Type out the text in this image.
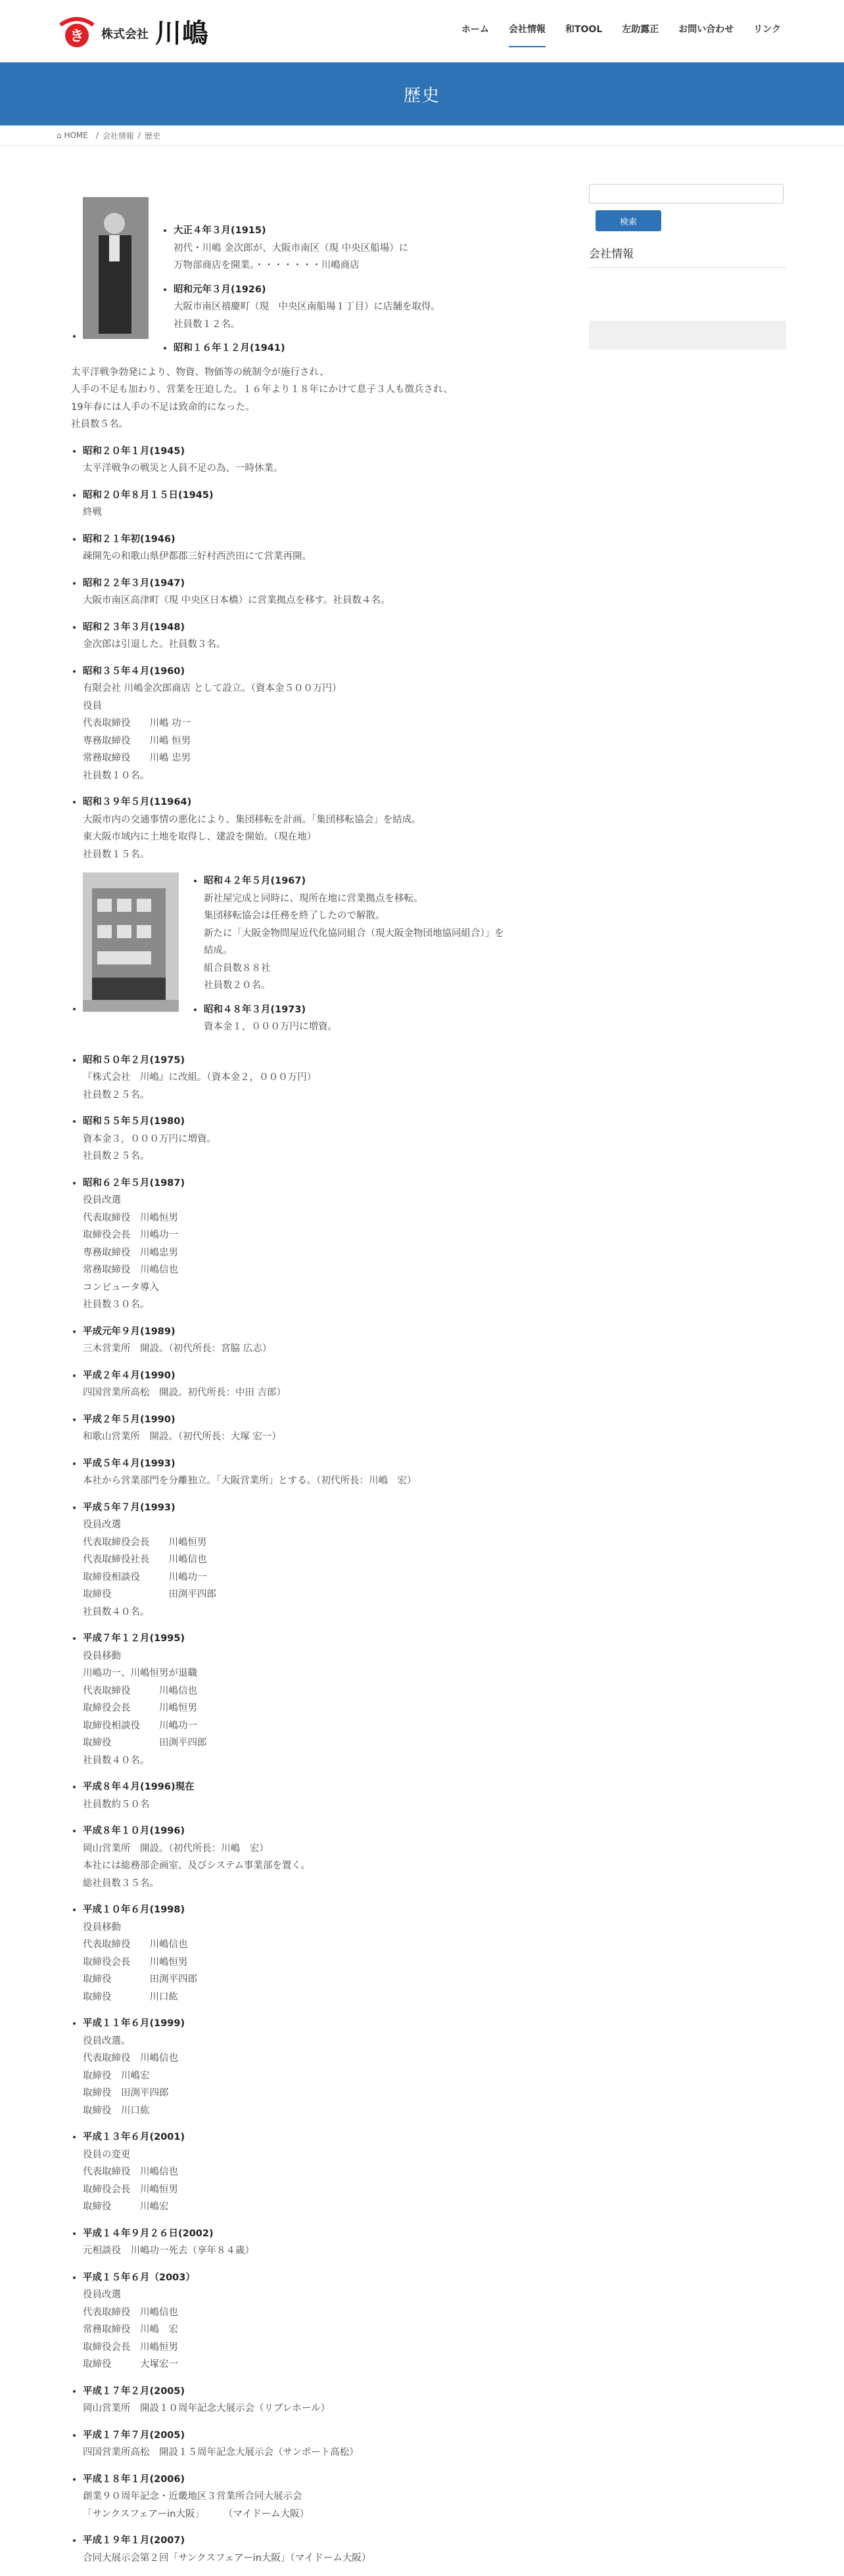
き 株式会社 川嶋	ホーム 会社情報 和TOOL 左助露正 お問い合わせ リンク
歴史
⌂ HOME	/ 会社情報 / 歴史
• • 大正４年３月(1915)
初代・川嶋 金次郎が、大阪市南区（現 中央区船場）に
万物部商店を開業。・・・・・・・川嶋商店
• 昭和元年３月(1926)
大阪市南区禧慶町（現　中央区南船場１丁目）に店舗を取得。
社員数１２名。
• 昭和１６年１２月(1941)
太平洋戦争勃発により、物資、物価等の統制令が施行され、
人手の不足も加わり、営業を圧迫した。１６年より１８年にかけて息子３人も徴兵され、
19年春には人手の不足は致命的になった。
社員数５名。
• 昭和２０年１月(1945)
太平洋戦争の戦災と人員不足の為、一時休業。
• 昭和２０年８月１５日(1945)
終戦
• 昭和２１年初(1946)
疎開先の和歌山県伊都郡三好村西渋田にて営業再開。
• 昭和２２年３月(1947)
大阪市南区高津町（現 中央区日本橋）に営業拠点を移す。社員数４名。
• 昭和２３年３月(1948)
金次郎は引退した。社員数３名。
• 昭和３５年４月(1960)
有限会社 川嶋金次郎商店 として設立。（資本金５００万円）
役員
代表取締役　　川嶋 功一
専務取締役　　川嶋 恒男
常務取締役　　川嶋 忠男
社員数１０名。
• 昭和３９年５月(11964)
大阪市内の交通事情の悪化により、集団移転を計画。「集団移転協会」を結成。
東大阪市域内に土地を取得し、建設を開始。（現在地）
社員数１５名。
• • 昭和４２年５月(1967)
新社屋完成と同時に、現所在地に営業拠点を移転。
集団移転協会は任務を終了したので解散。
新たに「大阪金物問屋近代化協同組合（現大阪金物団地協同組合）」を
結成。
組合員数８８社
社員数２０名。
• 昭和４８年３月(1973)
資本金１，０００万円に増資。
• 昭和５０年２月(1975)
『株式会社　川嶋』に改組。（資本金２，０００万円）
社員数２５名。
• 昭和５５年５月(1980)
資本金３，０００万円に増資。
社員数２５名。
• 昭和６２年５月(1987)
役員改選
代表取締役　川嶋恒男
取締役会長　川嶋功一
専務取締役　川嶋忠男
常務取締役　川嶋信也
コンピュータ導入
社員数３０名。
• 平成元年９月(1989)
三木営業所　開設。（初代所長：宮脇 広志）
• 平成２年４月(1990)
四国営業所高松　開設。初代所長：中田 吉郎）
• 平成２年５月(1990)
和歌山営業所　開設。（初代所長：大塚 宏一）
• 平成５年４月(1993)
本社から営業部門を分離独立。「大阪営業所」とする。（初代所長：川嶋　宏）
• 平成５年７月(1993)
役員改選
代表取締役会長　　川嶋恒男
代表取締役社長　　川嶋信也
取締役相談役　　　川嶋功一
取締役　　　　　　田渕平四郎
社員数４０名。
• 平成７年１２月(1995)
役員移動
川嶋功一、川嶋恒男が退職
代表取締役　　　川嶋信也
取締役会長　　　川嶋恒男
取締役相談役　　川嶋功一
取締役　　　　　田渕平四郎
社員数４０名。
• 平成８年４月(1996)現在
社員数約５０名
• 平成８年１０月(1996)
岡山営業所　開設。（初代所長：川嶋　宏）
本社には総務部企画室、及びシステム事業部を置く。
総社員数３５名。
• 平成１０年６月(1998)
役員移動
代表取締役　　川嶋信也
取締役会長　　川嶋恒男
取締役　　　　田渕平四郎
取締役　　　　川口紘
• 平成１１年６月(1999)
役員改選。
代表取締役　川嶋信也
取締役　川嶋宏
取締役　田渕平四郎
取締役　川口紘
• 平成１３年６月(2001)
役員の変更
代表取締役　川嶋信也
取締役会長　川嶋恒男
取締役　　　川嶋宏
• 平成１４年９月２６日(2002)
元相談役　川嶋功一死去（享年８４歳）
• 平成１５年６月（2003）
役員改選
代表取締役　川嶋信也
常務取締役　川嶋　宏
取締役会長　川嶋恒男
取締役　　　大塚宏一
• 平成１７年２月(2005)
岡山営業所　開設１０周年記念大展示会（リブレホール）
• 平成１７年７月(2005)
四国営業所高松　開設１５周年記念大展示会（サンポート高松）
• 平成１８年１月(2006)
創業９０周年記念・近畿地区３営業所合同大展示会
「サンクスフェアーin大阪」　　　（マイドーム大阪）
• 平成１９年１月(2007)
合同大展示会第２回「サンクスフェアーin大阪」（マイドーム大阪）
検索
会社情報
